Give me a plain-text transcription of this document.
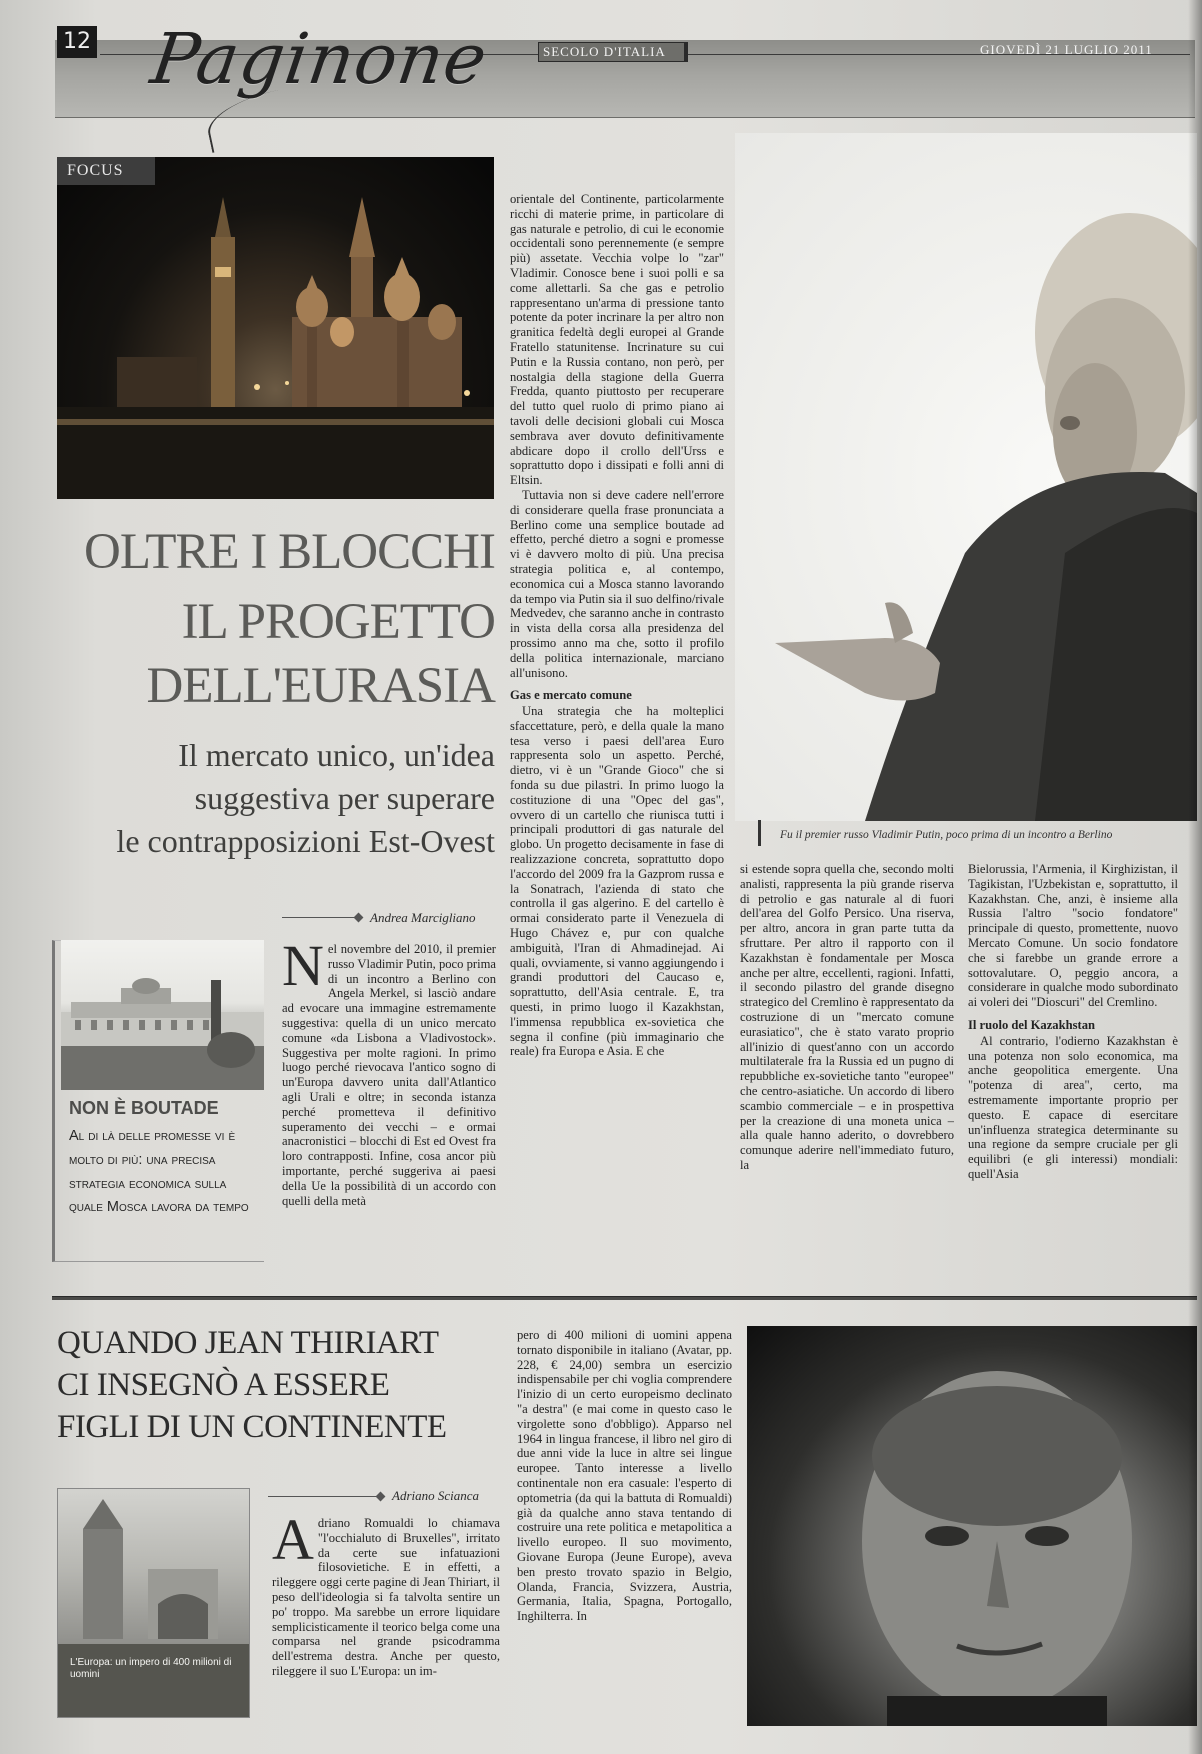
12 Paginone	SECOLO D'ITALIA	GIOVEDÌ 21 LUGLIO 2011
FOCUS
OLTRE I BLOCCHI
IL PROGETTO
DELL'EURASIA
Il mercato unico, un'idea
suggestiva per superare
le contrapposizioni Est-Ovest
Andrea Marcigliano
NON È BOUTADE
Al di là delle promesse vi è molto di più: una precisa strategia economica sulla quale Mosca lavora da tempo

Nel novembre del 2010, il premier russo Vladimir Putin, poco prima di un incontro a Berlino con Angela Merkel, si lasciò andare ad evocare una immagine estremamente suggestiva: quella di un unico mercato comune «da Lisbona a Vladivostock». Suggestiva per molte ragioni. In primo luogo perché rievocava l'antico sogno di un'Europa davvero unita dall'Atlantico agli Urali e oltre; in seconda istanza perché prometteva il definitivo superamento dei vecchi – e ormai anacronistici – blocchi di Est ed Ovest fra loro contrapposti. Infine, cosa ancor più importante, perché suggeriva ai paesi della Ue la possibilità di un accordo con quelli della metà

orientale del Continente, particolarmente ricchi di materie prime, in particolare di gas naturale e petrolio, di cui le economie occidentali sono perennemente (e sempre più) assetate. Vecchia volpe lo "zar" Vladimir. Conosce bene i suoi polli e sa come allettarli. Sa che gas e petrolio rappresentano un'arma di pressione tanto potente da poter incrinare la per altro non granitica fedeltà degli europei al Grande Fratello statunitense. Incrinature su cui Putin e la Russia contano, non però, per nostalgia della stagione della Guerra Fredda, quanto piuttosto per recuperare del tutto quel ruolo di primo piano ai tavoli delle decisioni globali cui Mosca sembrava aver dovuto definitivamente abdicare dopo il crollo dell'Urss e soprattutto dopo i dissipati e folli anni di Eltsin.

Tuttavia non si deve cadere nell'errore di considerare quella frase pronunciata a Berlino come una semplice boutade ad effetto, perché dietro a sogni e promesse vi è davvero molto di più. Una precisa strategia politica e, al contempo, economica cui a Mosca stanno lavorando da tempo via Putin sia il suo delfino/rivale Medvedev, che saranno anche in contrasto in vista della corsa alla presidenza del prossimo anno ma che, sotto il profilo della politica internazionale, marciano all'unisono.

Gas e mercato comune

Una strategia che ha molteplici sfaccettature, però, e della quale la mano tesa verso i paesi dell'area Euro rappresenta solo un aspetto. Perché, dietro, vi è un "Grande Gioco" che si fonda su due pilastri. In primo luogo la costituzione di una "Opec del gas", ovvero di un cartello che riunisca tutti i principali produttori di gas naturale del globo. Un progetto decisamente in fase di realizzazione concreta, soprattutto dopo l'accordo del 2009 fra la Gazprom russa e la Sonatrach, l'azienda di stato che controlla il gas algerino. E del cartello è ormai considerato parte il Venezuela di Hugo Chávez e, pur con qualche ambiguità, l'Iran di Ahmadinejad. Ai quali, ovviamente, si vanno aggiungendo i grandi produttori del Caucaso e, soprattutto, dell'Asia centrale. E, tra questi, in primo luogo il Kazakhstan, l'immensa repubblica ex-sovietica che segna il confine (più immaginario che reale) fra Europa e Asia. E che

si estende sopra quella che, secondo molti analisti, rappresenta la più grande riserva di petrolio e gas naturale al di fuori dell'area del Golfo Persico. Una riserva, per altro, ancora in gran parte tutta da sfruttare. Per altro il rapporto con il Kazakhstan è fondamentale per Mosca anche per altre, eccellenti, ragioni. Infatti, il secondo pilastro del grande disegno strategico del Cremlino è rappresentato da costruzione di un "mercato comune eurasiatico", che è stato varato proprio all'inizio di quest'anno con un accordo multilaterale fra la Russia ed un pugno di repubbliche ex-sovietiche tanto "europee" che centro-asiatiche. Un accordo di libero scambio commerciale – e in prospettiva per la creazione di una moneta unica – alla quale hanno aderito, o dovrebbero comunque aderire nell'immediato futuro, la

Bielorussia, l'Armenia, il Kirghizistan, il Tagikistan, l'Uzbekistan e, soprattutto, il Kazakhstan. Che, anzi, è insieme alla Russia l'altro "socio fondatore" principale di questo, promettente, nuovo Mercato Comune. Un socio fondatore che si farebbe un grande errore a sottovalutare. O, peggio ancora, a considerare in qualche modo subordinato ai voleri dei "Dioscuri" del Cremlino.

Il ruolo del Kazakhstan

Al contrario, l'odierno Kazakhstan è una potenza non solo economica, ma anche geopolitica emergente. Una "potenza di area", certo, ma estremamente importante proprio per questo. E capace di esercitare un'influenza strategica determinante su una regione da sempre cruciale per gli equilibri (e gli interessi) mondiali: quell'Asia

Fu il premier russo Vladimir Putin, poco prima di un incontro a Berlino
QUANDO JEAN THIRIART
CI INSEGNÒ A ESSERE
FIGLI DI UN CONTINENTE
L'Europa: un impero di 400 milioni di uomini
Adriano Scianca

Adriano Romualdi lo chiamava "l'occhialuto di Bruxelles", irritato da certe sue infatuazioni filosovietiche. E in effetti, a rileggere oggi certe pagine di Jean Thiriart, il peso dell'ideologia si fa talvolta sentire un po' troppo. Ma sarebbe un errore liquidare semplicisticamente il teorico belga come una comparsa nel grande psicodramma dell'estrema destra. Anche per questo, rileggere il suo L'Europa: un im-

pero di 400 milioni di uomini appena tornato disponibile in italiano (Avatar, pp. 228, € 24,00) sembra un esercizio indispensabile per chi voglia comprendere l'inizio di un certo europeismo declinato "a destra" (e mai come in questo caso le virgolette sono d'obbligo). Apparso nel 1964 in lingua francese, il libro nel giro di due anni vide la luce in altre sei lingue europee. Tanto interesse a livello continentale non era casuale: l'esperto di optometria (da qui la battuta di Romualdi) già da qualche anno stava tentando di costruire una rete politica e metapolitica a livello europeo. Il suo movimento, Giovane Europa (Jeune Europe), aveva ben presto trovato spazio in Belgio, Olanda, Francia, Svizzera, Austria, Germania, Italia, Spagna, Portogallo, Inghilterra. In
